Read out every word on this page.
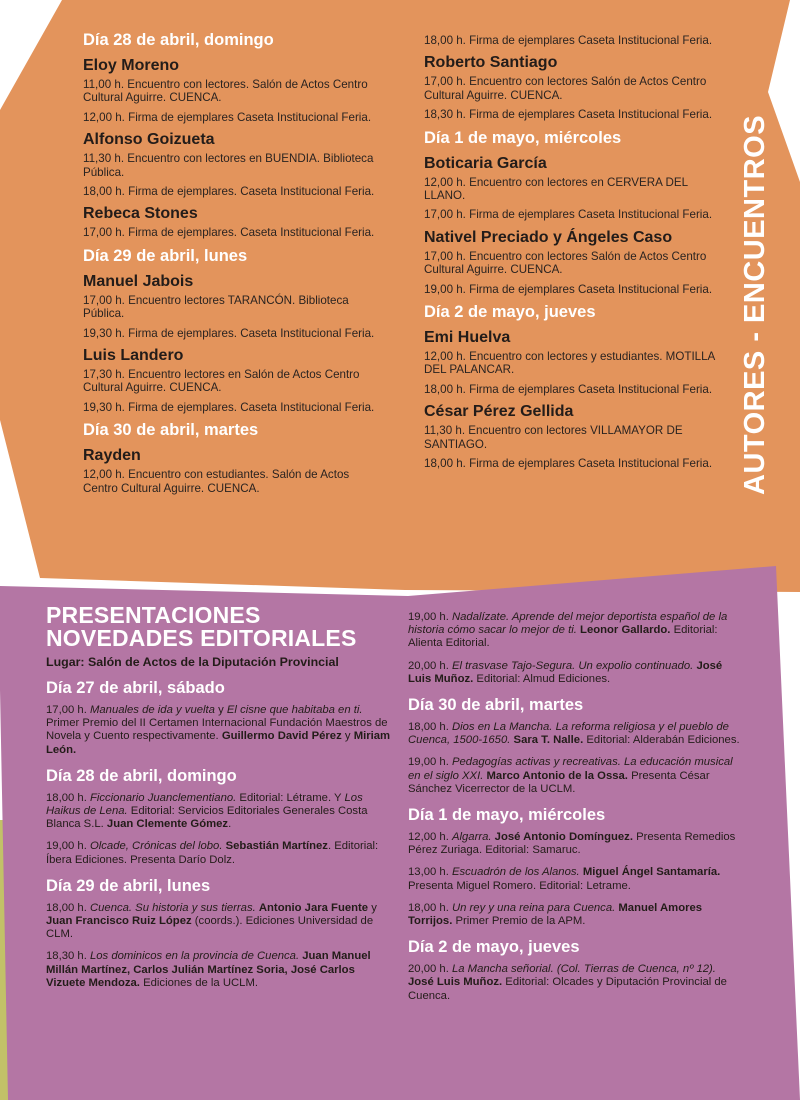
Día 28 de abril, domingo
Eloy Moreno
11,00 h. Encuentro con lectores. Salón de Actos Centro Cultural Aguirre. CUENCA.
12,00 h. Firma de ejemplares Caseta Institucional Feria.
Alfonso Goizueta
11,30 h. Encuentro con lectores en BUENDIA. Biblioteca Pública.
18,00 h. Firma de ejemplares. Caseta Institucional Feria.
Rebeca Stones
17,00 h. Firma de ejemplares. Caseta Institucional Feria.
Día 29 de abril, lunes
Manuel Jabois
17,00 h. Encuentro lectores TARANCÓN. Biblioteca Pública.
19,30 h. Firma de ejemplares. Caseta Institucional Feria.
Luis Landero
17,30 h. Encuentro lectores en Salón de Actos Centro Cultural Aguirre. CUENCA.
19,30 h. Firma de ejemplares. Caseta Institucional Feria.
Día 30 de abril, martes
Rayden
12,00 h. Encuentro con estudiantes. Salón de Actos Centro Cultural Aguirre. CUENCA.
18,00 h. Firma de ejemplares Caseta Institucional Feria.
Roberto Santiago
17,00 h. Encuentro con lectores Salón de Actos Centro Cultural Aguirre. CUENCA.
18,30 h. Firma de ejemplares Caseta Institucional Feria.
Día 1 de mayo, miércoles
Boticaria García
12,00 h. Encuentro con lectores en CERVERA DEL LLANO.
17,00 h. Firma de ejemplares Caseta Institucional Feria.
Nativel Preciado y Ángeles Caso
17,00 h. Encuentro con lectores Salón de Actos Centro Cultural Aguirre. CUENCA.
19,00 h. Firma de ejemplares Caseta Institucional Feria.
Día 2 de mayo, jueves
Emi Huelva
12,00 h. Encuentro con lectores y estudiantes. MOTILLA DEL PALANCAR.
18,00 h. Firma de ejemplares Caseta Institucional Feria.
César Pérez Gellida
11,30 h. Encuentro con lectores VILLAMAYOR DE SANTIAGO.
18,00 h. Firma de ejemplares Caseta Institucional Feria. AUTORES - ENCUENTROS
PRESENTACIONES
NOVEDADES EDITORIALES
Lugar: Salón de Actos de la Diputación Provincial
Día 27 de abril, sábado
17,00 h. Manuales de ida y vuelta y El cisne que habitaba en ti. Primer Premio del II Certamen Internacional Fundación Maestros de Novela y Cuento respectivamente. Guillermo David Pérez y Miriam León.
Día 28 de abril, domingo
18,00 h. Ficcionario Juanclementiano. Editorial: Létrame. Y Los Haikus de Lena. Editorial: Servicios Editoriales Generales Costa Blanca S.L. Juan Clemente Gómez.
19,00 h. Olcade, Crónicas del lobo. Sebastián Martínez. Editorial: Íbera Ediciones. Presenta Darío Dolz.
Día 29 de abril, lunes
18,00 h. Cuenca. Su historia y sus tierras. Antonio Jara Fuente y Juan Francisco Ruiz López (coords.). Ediciones Universidad de CLM.
18,30 h. Los dominicos en la provincia de Cuenca. Juan Manuel Millán Martínez, Carlos Julián Martínez Soria, José Carlos Vizuete Mendoza. Ediciones de la UCLM.
19,00 h. Nadalízate. Aprende del mejor deportista español de la historia cómo sacar lo mejor de ti. Leonor Gallardo. Editorial: Alienta Editorial.
20,00 h. El trasvase Tajo-Segura. Un expolio continuado. José Luis Muñoz. Editorial: Almud Ediciones.
Día 30 de abril, martes
18,00 h. Dios en La Mancha. La reforma religiosa y el pueblo de Cuenca, 1500-1650. Sara T. Nalle. Editorial: Alderabán Ediciones.
19,00 h. Pedagogías activas y recreativas. La educación musical en el siglo XXI. Marco Antonio de la Ossa. Presenta César Sánchez Vicerrector de la UCLM.
Día 1 de mayo, miércoles
12,00 h. Algarra. José Antonio Domínguez. Presenta Remedios Pérez Zuriaga. Editorial: Samaruc.
13,00 h. Escuadrón de los Alanos. Miguel Ángel Santamaría. Presenta Miguel Romero. Editorial: Letrame.
18,00 h. Un rey y una reina para Cuenca. Manuel Amores Torrijos. Primer Premio de la APM.
Día 2 de mayo, jueves
20,00 h. La Mancha señorial. (Col. Tierras de Cuenca, nº 12). José Luis Muñoz. Editorial: Olcades y Diputación Provincial de Cuenca.
